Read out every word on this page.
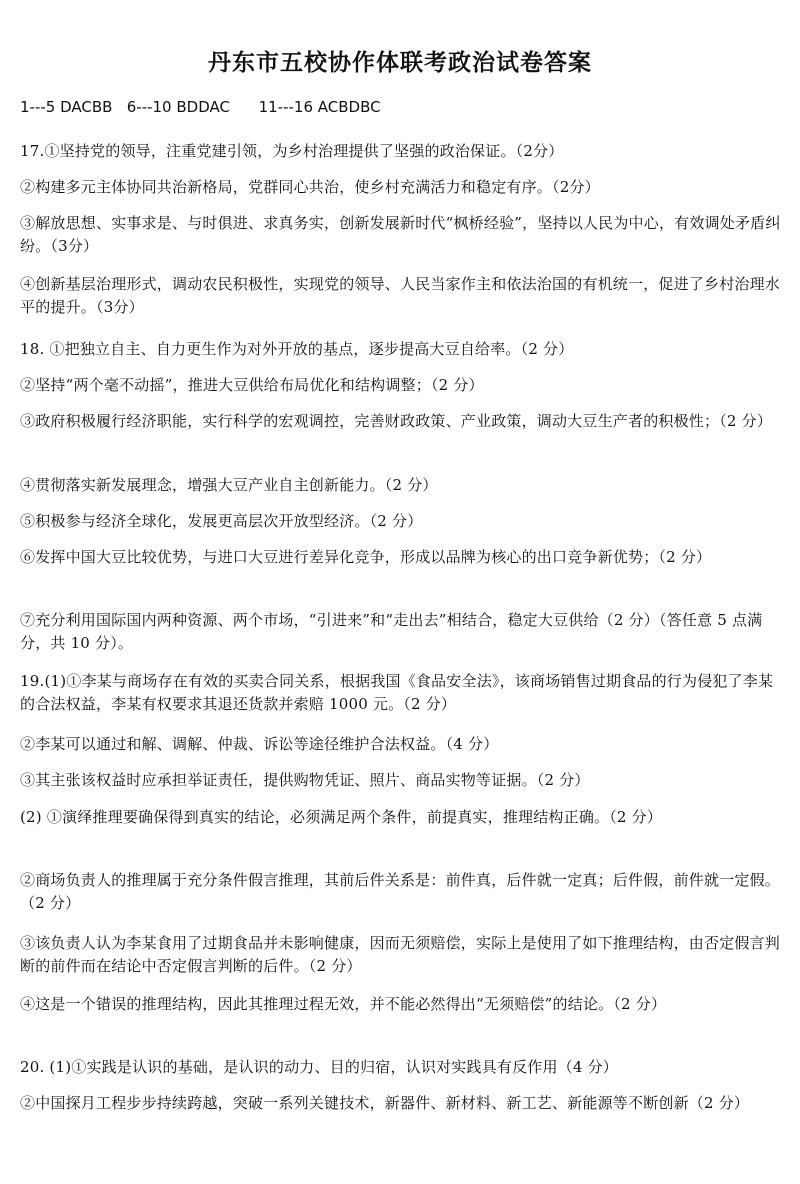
丹东市五校协作体联考政治试卷答案
1---5 DACBB   6---10 BDDAC      11---16 ACBDBC
17.①坚持党的领导，注重党建引领，为乡村治理提供了坚强的政治保证。（2分）
②构建多元主体协同共治新格局，党群同心共治，使乡村充满活力和稳定有序。（2分）
③解放思想、实事求是、与时俱进、求真务实，创新发展新时代“枫桥经验”，坚持以人民为中心，有效调处矛盾纠纷。（3分）
④创新基层治理形式，调动农民积极性，实现党的领导、人民当家作主和依法治国的有机统一，促进了乡村治理水平的提升。（3分）
18. ①把独立自主、自力更生作为对外开放的基点，逐步提高大豆自给率。（2 分）
②坚持“两个毫不动摇”，推进大豆供给布局优化和结构调整；（2 分）
③政府积极履行经济职能，实行科学的宏观调控，完善财政政策、产业政策，调动大豆生产者的积极性；（2 分）
④贯彻落实新发展理念，增强大豆产业自主创新能力。（2 分）
⑤积极参与经济全球化，发展更高层次开放型经济。（2 分）
⑥发挥中国大豆比较优势，与进口大豆进行差异化竞争，形成以品牌为核心的出口竞争新优势；（2 分）
⑦充分利用国际国内两种资源、两个市场，“引进来”和“走出去”相结合，稳定大豆供给（2 分）（答任意 5 点满分，共 10 分）。
19.(1)①李某与商场存在有效的买卖合同关系，根据我国《食品安全法》，该商场销售过期食品的行为侵犯了李某的合法权益，李某有权要求其退还货款并索赔 1000 元。（2 分）
②李某可以通过和解、调解、仲裁、诉讼等途径维护合法权益。（4 分）
③其主张该权益时应承担举证责任，提供购物凭证、照片、商品实物等证据。（2 分）
(2) ①演绎推理要确保得到真实的结论，必须满足两个条件，前提真实，推理结构正确。（2 分）
②商场负责人的推理属于充分条件假言推理，其前后件关系是：前件真，后件就一定真；后件假，前件就一定假。（2 分）
③该负责人认为李某食用了过期食品并未影响健康，因而无须赔偿，实际上是使用了如下推理结构，由否定假言判断的前件而在结论中否定假言判断的后件。（2 分）
④这是一个错误的推理结构，因此其推理过程无效，并不能必然得出“无须赔偿”的结论。（2 分）
20. (1)①实践是认识的基础，是认识的动力、目的归宿，认识对实践具有反作用（4 分）
②中国探月工程步步持续跨越，突破一系列关键技术，新器件、新材料、新工艺、新能源等不断创新（2 分）
